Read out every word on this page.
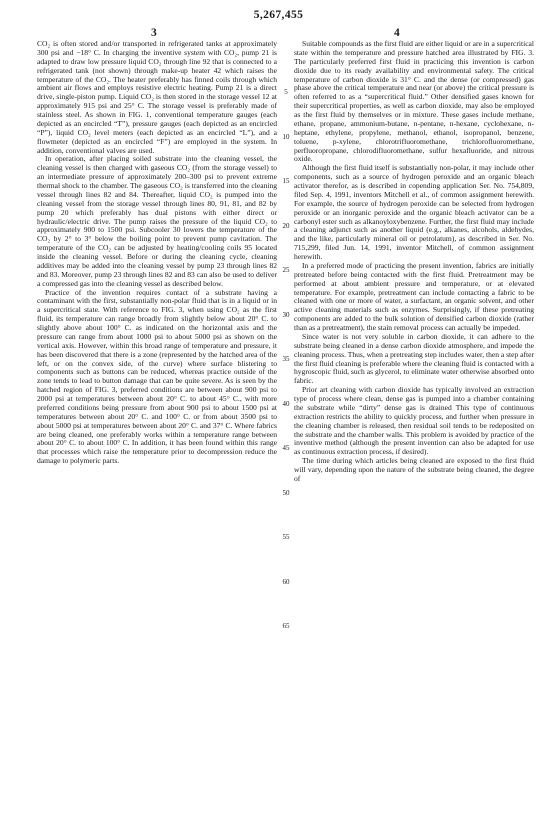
5,267,455
3	4

CO₂ is often stored and/or transported in refrigerated tanks at approximately 300 psi and −18° C. In charging the inventive system with CO₂, pump 21 is adapted to draw low pressure liquid CO₂ through line 92 that is connected to a refrigerated tank (not shown) through make-up heater 42 which raises the temperature of the CO₂. The heater preferably has finned coils through which ambient air flows and employs resistive electric heating. Pump 21 is a direct drive, single-piston pump. Liquid CO₂ is then stored in the storage vessel 12 at approximately 915 psi and 25° C. The storage vessel is preferably made of stainless steel. As shown in FIG. 1, conventional temperature gauges (each depicted as an encircled “T”), pressure gauges (each depicted as an encircled “P”), liquid CO₂ level meters (each depicted as an encircled “L”), and a flowmeter (depicted as an encircled “F”) are employed in the system. In addition, conventional valves are used.

In operation, after placing soiled substrate into the cleaning vessel, the cleaning vessel is then charged with gaseous CO₂ (from the storage vessel) to an intermediate pressure of approximately 200–300 psi to prevent extreme thermal shock to the chamber. The gaseous CO₂ is transferred into the cleaning vessel through lines 82 and 84. Thereafter, liquid CO₂ is pumped into the cleaning vessel from the storage vessel through lines 80, 91, 81, and 82 by pump 20 which preferably has dual pistons with either direct or hydraulic/electric drive. The pump raises the pressure of the liquid CO₂ to approximately 900 to 1500 psi. Subcooler 30 lowers the temperature of the CO₂ by 2° to 3° below the boiling point to prevent pump cavitation. The temperature of the CO₂ can be adjusted by heating/cooling coils 95 located inside the cleaning vessel. Before or during the cleaning cycle, cleaning additives may be added into the cleaning vessel by pump 23 through lines 82 and 83. Moreover, pump 23 through lines 82 and 83 can also be used to deliver a compressed gas into the cleaning vessel as described below.

Practice of the invention requires contact of a substrate having a contaminant with the first, substantially non-polar fluid that is in a liquid or in a supercritical state. With reference to FIG. 3, when using CO₂ as the first fluid, its temperature can range broadly from slightly below about 20° C. to slightly above about 100° C. as indicated on the horizontal axis and the pressure can range from about 1000 psi to about 5000 psi as shown on the vertical axis. However, within this broad range of temperature and pressure, it has been discovered that there is a zone (represented by the hatched area of the left, or on the convex side, of the curve) where surface blistering to components such as buttons can be reduced, whereas practice outside of the zone tends to lead to button damage that can be quite severe. As is seen by the hatched region of FIG. 3, preferred conditions are between about 900 psi to 2000 psi at temperatures between about 20° C. to about 45° C., with more preferred conditions being pressure from about 900 psi to about 1500 psi at temperatures between about 20° C. and 100° C. or from about 3500 psi to about 5000 psi at temperatures between about 20° C. and 37° C. Where fabrics are being cleaned, one preferably works within a temperature range between about 20° C. to about 100° C. In addition, it has been found within this range that processes which raise the temperature prior to decompression reduce the damage to polymeric parts.

5
10
15
20
25
30
35
40
45
50
55
60
65

Suitable compounds as the first fluid are either liquid or are in a supercritical state within the temperature and pressure hatched area illustrated by FIG. 3. The particularly preferred first fluid in practicing this invention is carbon dioxide due to its ready availability and environmental safety. The critical temperature of carbon dioxide is 31° C. and the dense (or compressed) gas phase above the critical temperature and near (or above) the critical pressure is often referred to as a “supercritical fluid.” Other densified gases known for their supercritical properties, as well as carbon dioxide, may also be employed as the first fluid by themselves or in mixture. These gases include methane, ethane, propane, ammonium-butane, n-pentane, n-hexane, cyclohexane, n-heptane, ethylene, propylene, methanol, ethanol, isopropanol, benzene, toluene, p-xylene, chlorotrifluoromethane, trichlorofluoromethane, perfluoropropane, chlorodifluoromethane, sulfur hexafluoride, and nitrous oxide.

Although the first fluid itself is substantially non-polar, it may include other components, such as a source of hydrogen peroxide and an organic bleach activator therefor, as is described in copending application Ser. No. 754,809, filed Sep. 4, 1991, inventors Mitchell et al., of common assignment herewith. For example, the source of hydrogen peroxide can be selected from hydrogen peroxide or an inorganic peroxide and the organic bleach activator can be a carbonyl ester such as alkanoyloxybenzene. Further, the first fluid may include a cleaning adjunct such as another liquid (e.g., alkanes, alcohols, aldehydes, and the like, particularly mineral oil or petrolatum), as described in Ser. No. 715,299, filed Jun. 14, 1991, inventor Mitchell, of common assignment herewith.

In a preferred mode of practicing the present invention, fabrics are initially pretreated before being contacted with the first fluid. Pretreatment may be performed at about ambient pressure and temperature, or at elevated temperature. For example, pretreatment can include contacting a fabric to be cleaned with one or more of water, a surfactant, an organic solvent, and other active cleaning materials such as enzymes. Surprisingly, if these pretreating components are added to the bulk solution of densified carbon dioxide (rather than as a pretreatment), the stain removal process can actually be impeded.

Since water is not very soluble in carbon dioxide, it can adhere to the substrate being cleaned in a dense carbon dioxide atmosphere, and impede the cleaning process. Thus, when a pretreating step includes water, then a step after the first fluid cleaning is preferable where the cleaning fluid is contacted with a hygroscopic fluid, such as glycerol, to eliminate water otherwise absorbed onto fabric.

Prior art cleaning with carbon dioxide has typically involved an extraction type of process where clean, dense gas is pumped into a chamber containing the substrate while “dirty” dense gas is drained This type of continuous extraction restricts the ability to quickly process, and further when pressure in the cleaning chamber is released, then residual soil tends to be redeposited on the substrate and the chamber walls. This problem is avoided by practice of the inventive method (although the present invention can also be adapted for use as continuous extraction process, if desired).

The time during which articles being cleaned are exposed to the first fluid will vary, depending upon the nature of the substrate being cleaned, the degree of
